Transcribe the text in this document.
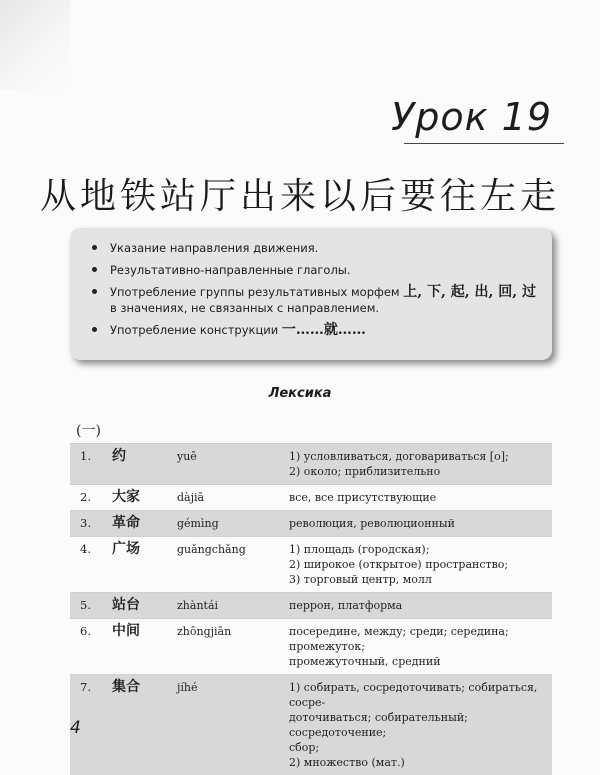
Урок 19
从地铁站厅出来以后要往左走
Указание направления движения.
Результативно-направленные глаголы.
Употребление группы результативных морфем 上, 下, 起, 出, 回, 过 в значениях, не связанных с направлением.
Употребление конструкции 一……就……
Лексика
(一)
1.	约	yuē	1) условливаться, договариваться [о];
2) около; приблизительно

2.	大家	dàjiā	все, все присутствующие

3.	革命	gémìng	революция, революционный

4.	广场	guǎngchǎng	1) площадь (городская);
2) широкое (открытое) пространство;
3) торговый центр, молл

5.	站台	zhàntái	перрон, платформа

6.	中间	zhōngjiān	посередине, между; среди; середина; промежуток;
промежуточный, средний

7.	集合	jíhé	1) собирать, сосредоточивать; собираться, сосре-
доточиваться; собирательный; сосредоточение;
сбор;
2) множество (мат.)
4
